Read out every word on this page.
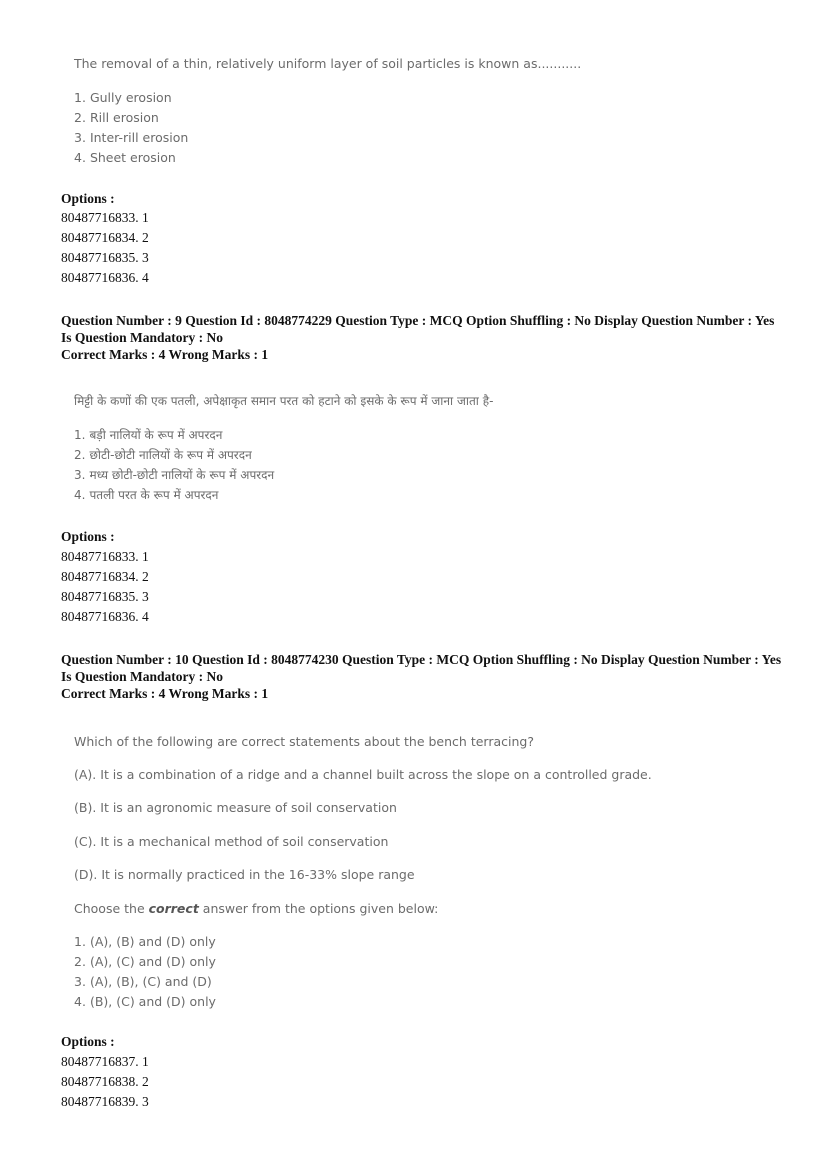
The removal of a thin, relatively uniform layer of soil particles is known as...........

1. Gully erosion
2. Rill erosion
3. Inter-rill erosion
4. Sheet erosion
Options :
80487716833. 1
80487716834. 2
80487716835. 3
80487716836. 4
Question Number : 9 Question Id : 8048774229 Question Type : MCQ Option Shuffling : No Display Question Number : Yes
Is Question Mandatory : No
Correct Marks : 4 Wrong Marks : 1

मिट्टी के कणों की एक पतली, अपेक्षाकृत समान परत को हटाने को इसके के रूप में जाना जाता है-

1. बड़ी नालियों के रूप में अपरदन
2. छोटी-छोटी नालियों के रूप में अपरदन
3. मध्य छोटी-छोटी नालियों के रूप में अपरदन
4. पतली परत के रूप में अपरदन
Options :
80487716833. 1
80487716834. 2
80487716835. 3
80487716836. 4
Question Number : 10 Question Id : 8048774230 Question Type : MCQ Option Shuffling : No Display Question Number : Yes
Is Question Mandatory : No
Correct Marks : 4 Wrong Marks : 1
Which of the following are correct statements about the bench terracing?
(A). It is a combination of a ridge and a channel built across the slope on a controlled grade.
(B). It is an agronomic measure of soil conservation
(C). It is a mechanical method of soil conservation
(D). It is normally practiced in the 16-33% slope range
Choose the correct answer from the options given below:
1. (A), (B) and (D) only
2. (A), (C) and (D) only
3. (A), (B), (C) and (D)
4. (B), (C) and (D) only
Options :
80487716837. 1
80487716838. 2
80487716839. 3
